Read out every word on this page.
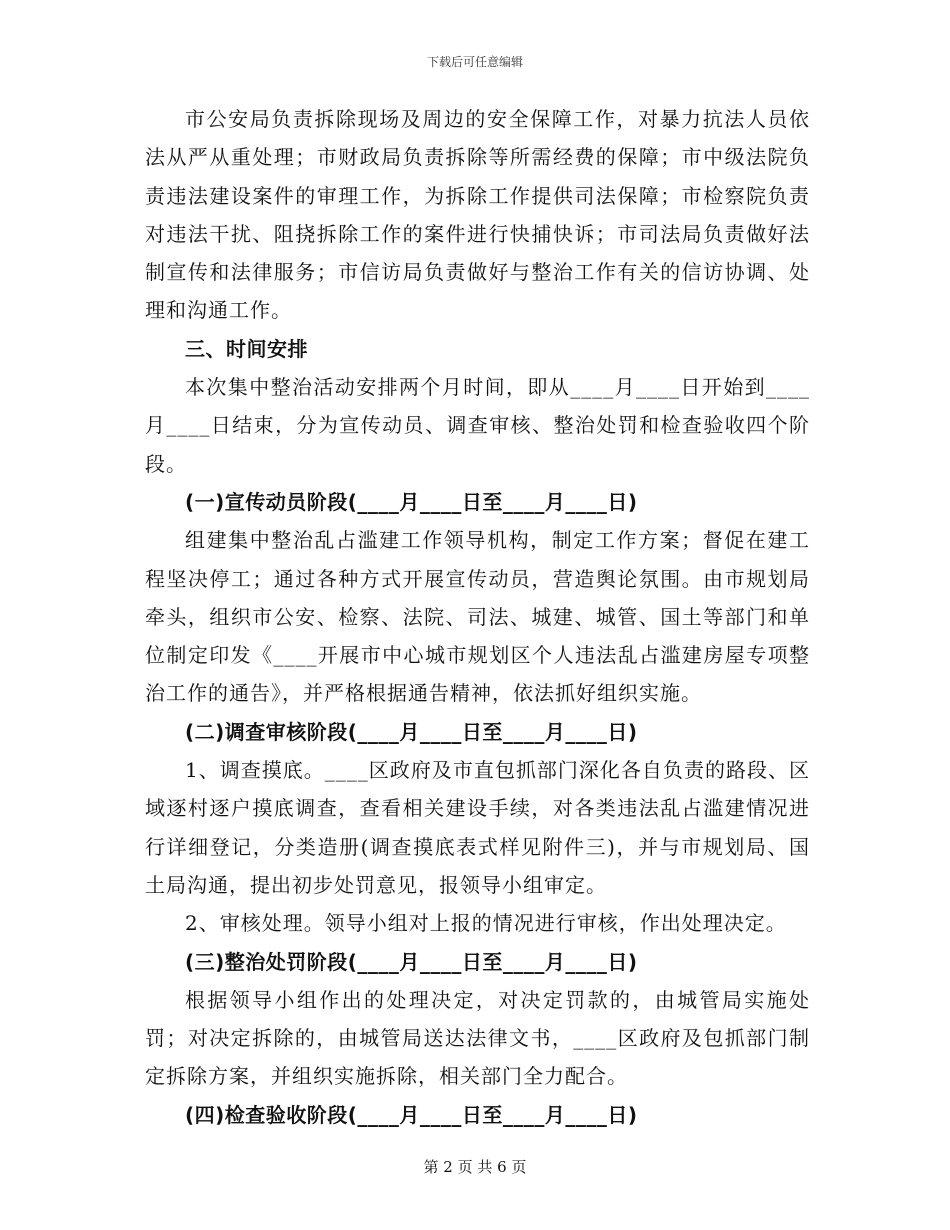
下载后可任意编辑

市公安局负责拆除现场及周边的安全保障工作，对暴力抗法人员依法从严从重处理；市财政局负责拆除等所需经费的保障；市中级法院负责违法建设案件的审理工作，为拆除工作提供司法保障；市检察院负责对违法干扰、阻挠拆除工作的案件进行快捕快诉；市司法局负责做好法制宣传和法律服务；市信访局负责做好与整治工作有关的信访协调、处理和沟通工作。

三、时间安排

本次集中整治活动安排两个月时间，即从____月____日开始到____月____日结束，分为宣传动员、调查审核、整治处罚和检查验收四个阶段。

(一)宣传动员阶段(____月____日至____月____日)

组建集中整治乱占滥建工作领导机构，制定工作方案；督促在建工程坚决停工；通过各种方式开展宣传动员，营造舆论氛围。由市规划局牵头，组织市公安、检察、法院、司法、城建、城管、国土等部门和单位制定印发《____开展市中心城市规划区个人违法乱占滥建房屋专项整治工作的通告》，并严格根据通告精神，依法抓好组织实施。

(二)调查审核阶段(____月____日至____月____日)

1、调查摸底。____区政府及市直包抓部门深化各自负责的路段、区域逐村逐户摸底调查，查看相关建设手续，对各类违法乱占滥建情况进行详细登记，分类造册(调查摸底表式样见附件三)，并与市规划局、国土局沟通，提出初步处罚意见，报领导小组审定。

2、审核处理。领导小组对上报的情况进行审核，作出处理决定。

(三)整治处罚阶段(____月____日至____月____日)

根据领导小组作出的处理决定，对决定罚款的，由城管局实施处罚；对决定拆除的，由城管局送达法律文书，____区政府及包抓部门制定拆除方案，并组织实施拆除，相关部门全力配合。

(四)检查验收阶段(____月____日至____月____日)

第 2 页 共 6 页
